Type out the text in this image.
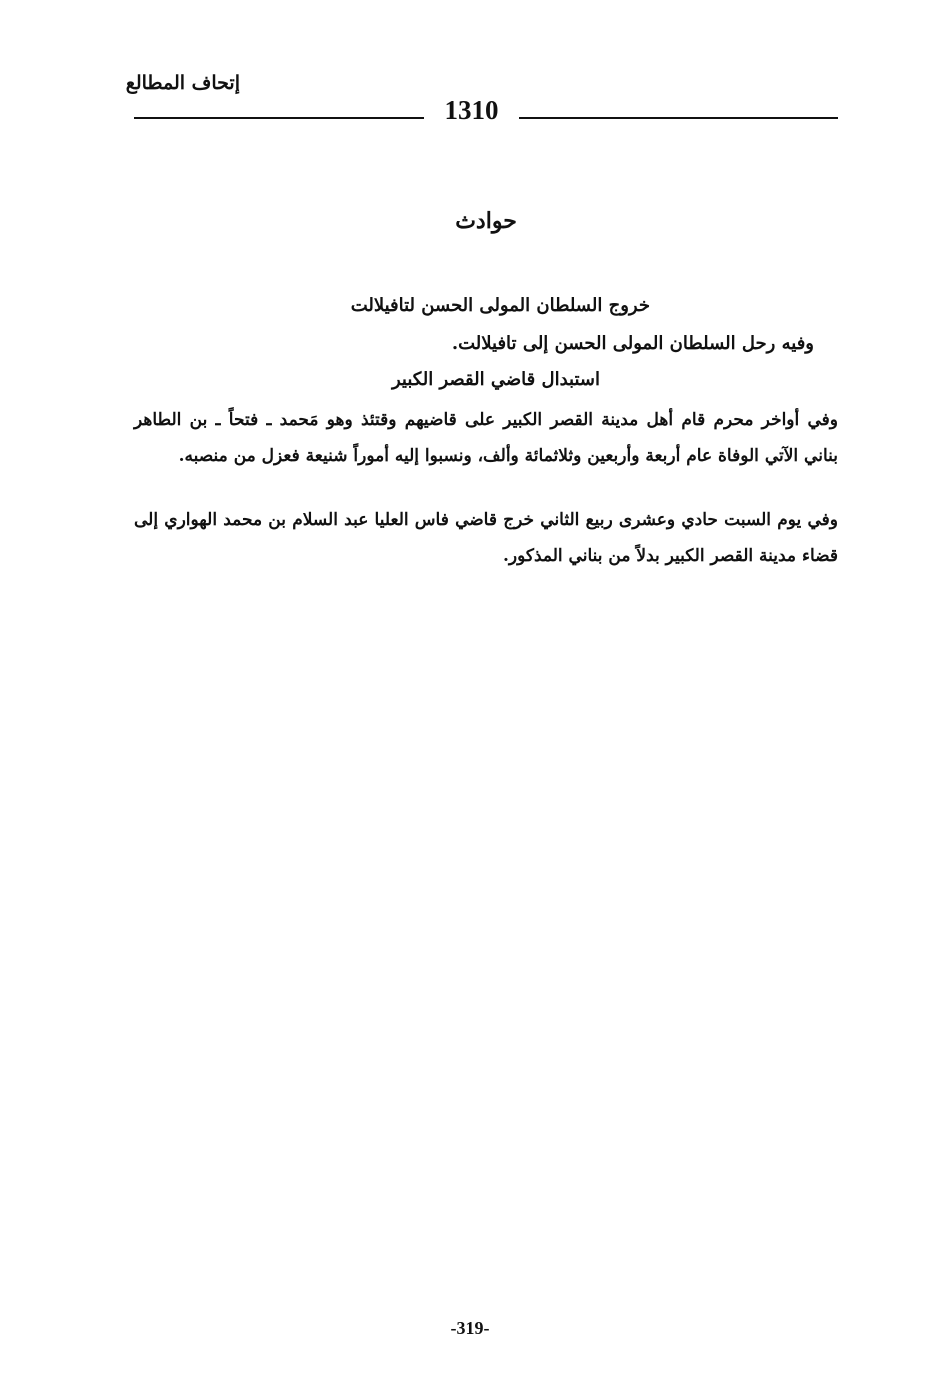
إتحاف المطالع
1310
حوادث
خروج السلطان المولى الحسن لتافيلالت
وفيه رحل السلطان المولى الحسن إلى تافيلالت.
استبدال قاضي القصر الكبير
وفي أواخر محرم قام أهل مدينة القصر الكبير على قاضيهم وقتئذ وهو مَحمد ـ فتحاً ـ بن الطاهر بناني الآتي الوفاة عام أربعة وأربعين وثلاثمائة وألف، ونسبوا إليه أموراً شنيعة فعزل من منصبه.
وفي يوم السبت حادي وعشرى ربيع الثاني خرج قاضي فاس العليا عبد السلام بن محمد الهواري إلى قضاء مدينة القصر الكبير بدلاً من بناني المذكور.
-319-
